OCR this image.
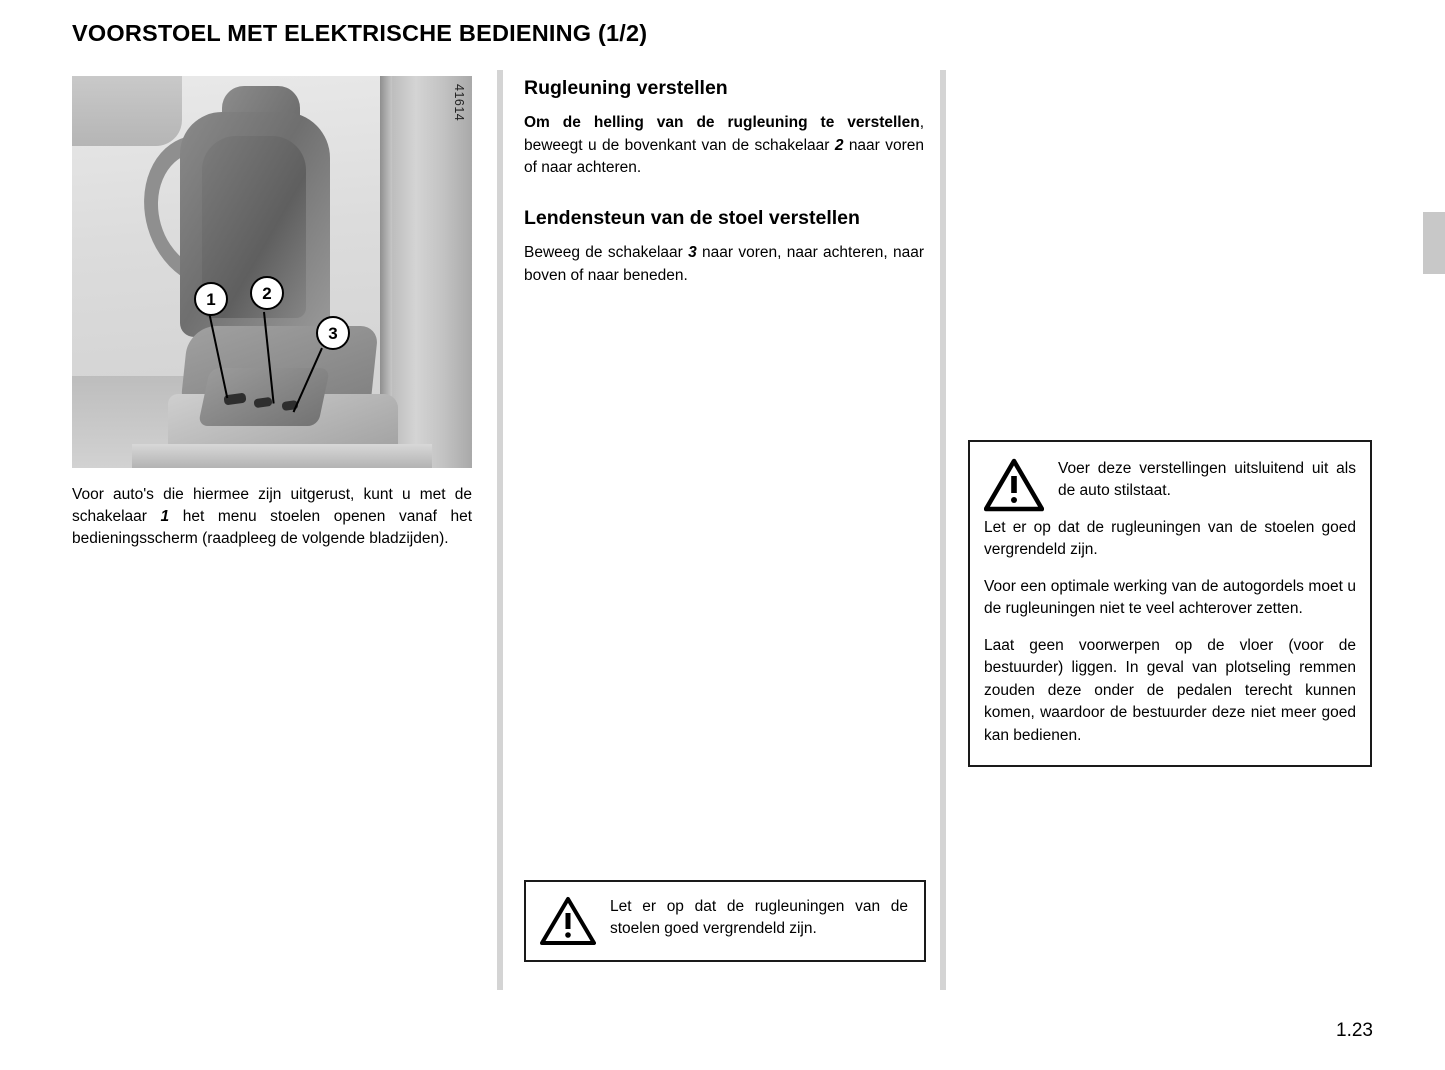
VOORSTOEL MET ELEKTRISCHE BEDIENING (1/2)
1	2
3
41614
Voor auto's die hiermee zijn uitgerust, kunt u met de schakelaar 1 het menu stoelen openen vanaf het bedieningsscherm (raadpleeg de volgende bladzijden).
Rugleuning verstellen

Om de helling van de rugleuning te verstellen, beweegt u de bovenkant van de schakelaar 2 naar voren of naar achteren.

Lendensteun van de stoel verstellen

Beweeg de schakelaar 3 naar voren, naar achteren, naar boven of naar beneden.

Let er op dat de rugleuningen van de stoelen goed vergrendeld zijn.

Voer deze verstellingen uitsluitend uit als de auto stilstaat.

Let er op dat de rugleuningen van de stoelen goed vergrendeld zijn.

Voor een optimale werking van de autogordels moet u de rugleuningen niet te veel achterover zetten.

Laat geen voorwerpen op de vloer (voor de bestuurder) liggen. In geval van plotseling remmen zouden deze onder de pedalen terecht kunnen komen, waardoor de bestuurder deze niet meer goed kan bedienen.

1.23
